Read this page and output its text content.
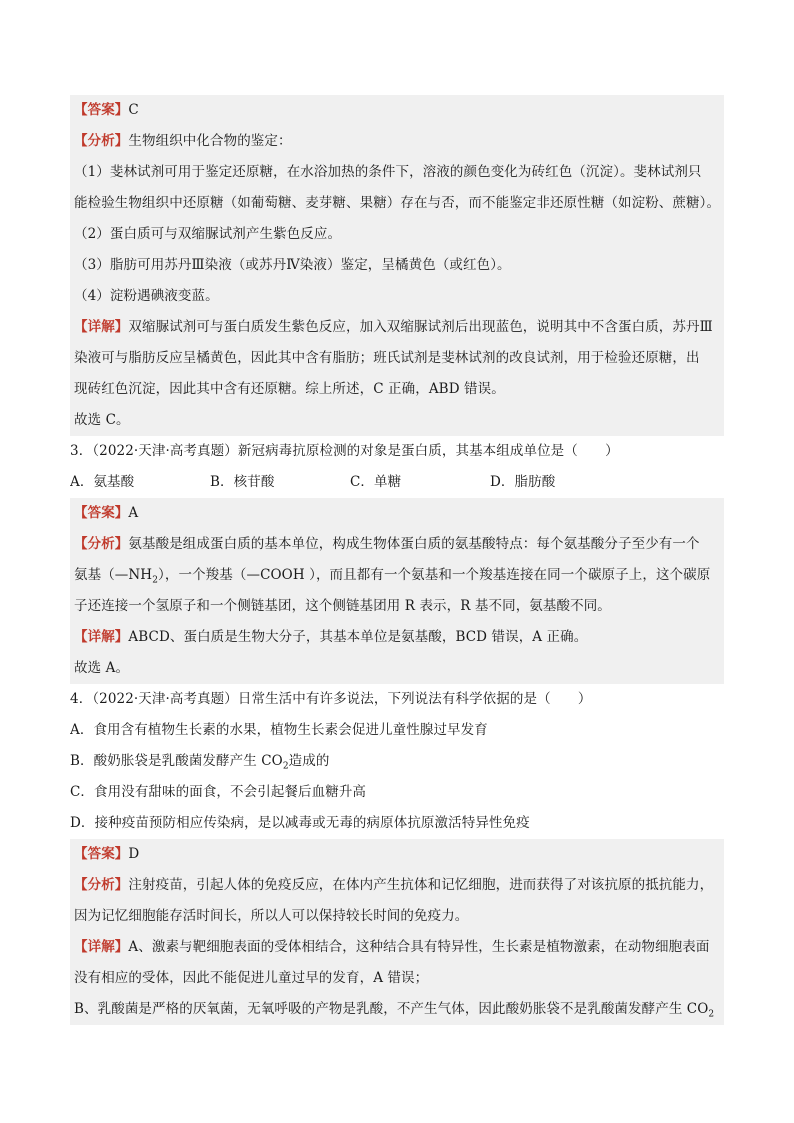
【答案】C
【分析】生物组织中化合物的鉴定：
（1）斐林试剂可用于鉴定还原糖，在水浴加热的条件下，溶液的颜色变化为砖红色（沉淀）。斐林试剂只
能检验生物组织中还原糖（如葡萄糖、麦芽糖、果糖）存在与否，而不能鉴定非还原性糖（如淀粉、蔗糖）。
（2）蛋白质可与双缩脲试剂产生紫色反应。
（3）脂肪可用苏丹Ⅲ染液（或苏丹Ⅳ染液）鉴定，呈橘黄色（或红色）。
（4）淀粉遇碘液变蓝。
【详解】双缩脲试剂可与蛋白质发生紫色反应，加入双缩脲试剂后出现蓝色，说明其中不含蛋白质，苏丹Ⅲ
染液可与脂肪反应呈橘黄色，因此其中含有脂肪；班氏试剂是斐林试剂的改良试剂，用于检验还原糖，出
现砖红色沉淀，因此其中含有还原糖。综上所述，C 正确，ABD 错误。
故选 C。
3．（2022·天津·高考真题）新冠病毒抗原检测的对象是蛋白质，其基本组成单位是（　　）
A．氨基酸	B．核苷酸	C．单糖	D．脂肪酸
【答案】A
【分析】氨基酸是组成蛋白质的基本单位，构成生物体蛋白质的氨基酸特点：每个氨基酸分子至少有一个
氨基$(—NH_2)$，一个羧基（—COOH ），而且都有一个氨基和一个羧基连接在同一个碳原子上，这个碳原
子还连接一个氢原子和一个侧链基团，这个侧链基团用 R 表示，R 基不同，氨基酸不同。
【详解】ABCD、蛋白质是生物大分子，其基本单位是氨基酸，BCD 错误，A 正确。
故选 A。
4．（2022·天津·高考真题）日常生活中有许多说法，下列说法有科学依据的是（　　）
A．食用含有植物生长素的水果，植物生长素会促进儿童性腺过早发育
B．酸奶胀袋是乳酸菌发酵产生 $CO_2$造成的
C．食用没有甜味的面食，不会引起餐后血糖升高
D．接种疫苗预防相应传染病，是以减毒或无毒的病原体抗原激活特异性免疫
【答案】D
【分析】注射疫苗，引起人体的免疫反应，在体内产生抗体和记忆细胞，进而获得了对该抗原的抵抗能力，
因为记忆细胞能存活时间长，所以人可以保持较长时间的免疫力。
【详解】A、激素与靶细胞表面的受体相结合，这种结合具有特异性，生长素是植物激素，在动物细胞表面
没有相应的受体，因此不能促进儿童过早的发育，A 错误；
B、乳酸菌是严格的厌氧菌，无氧呼吸的产物是乳酸，不产生气体，因此酸奶胀袋不是乳酸菌发酵产生 $CO_2$
